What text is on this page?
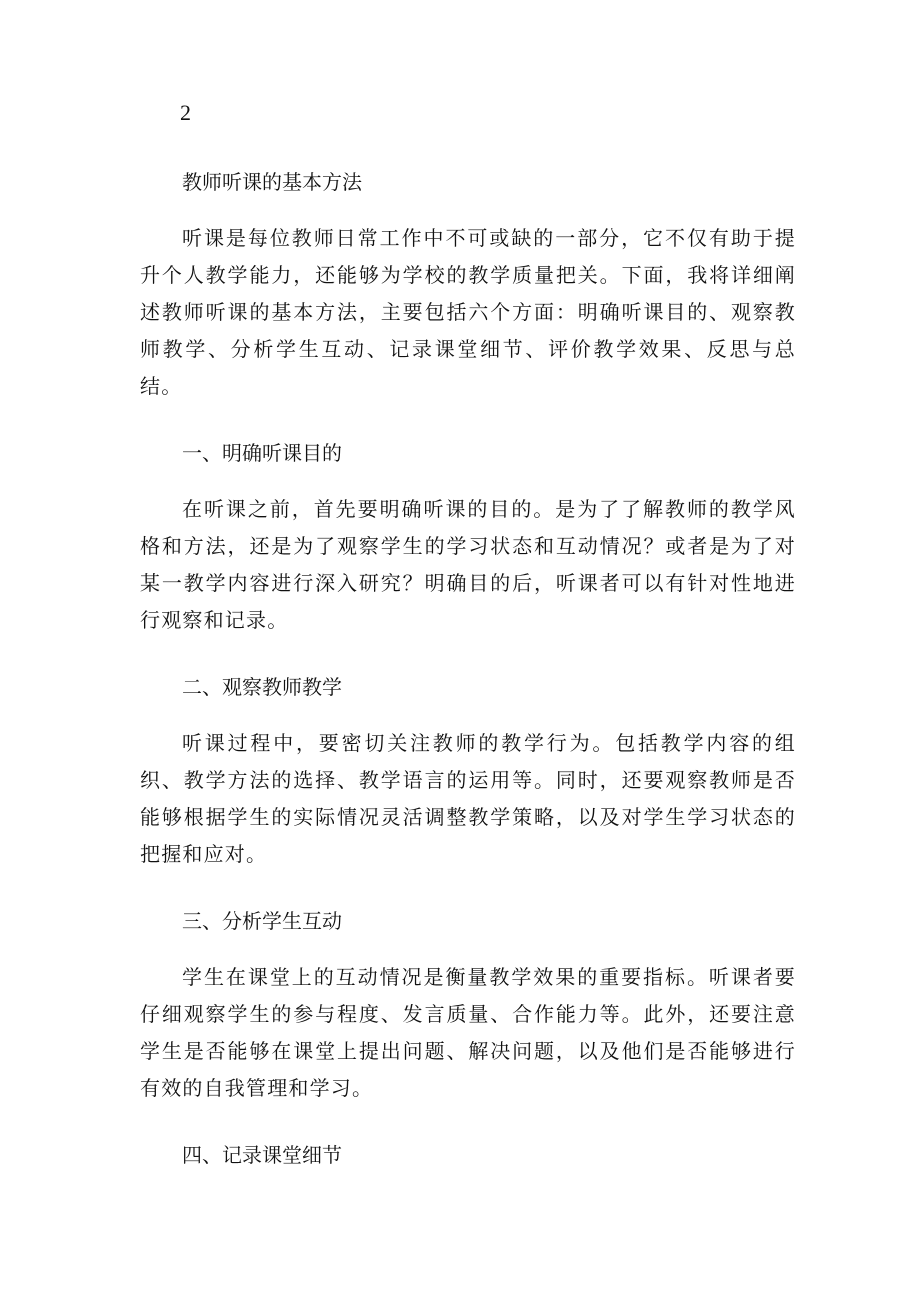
2
教师听课的基本方法

听课是每位教师日常工作中不可或缺的一部分，它不仅有助于提升个人教学能力，还能够为学校的教学质量把关。下面，我将详细阐述教师听课的基本方法，主要包括六个方面：明确听课目的、观察教师教学、分析学生互动、记录课堂细节、评价教学效果、反思与总结。

一、明确听课目的

在听课之前，首先要明确听课的目的。是为了了解教师的教学风格和方法，还是为了观察学生的学习状态和互动情况？或者是为了对某一教学内容进行深入研究？明确目的后，听课者可以有针对性地进行观察和记录。

二、观察教师教学

听课过程中，要密切关注教师的教学行为。包括教学内容的组织、教学方法的选择、教学语言的运用等。同时，还要观察教师是否能够根据学生的实际情况灵活调整教学策略，以及对学生学习状态的把握和应对。

三、分析学生互动

学生在课堂上的互动情况是衡量教学效果的重要指标。听课者要仔细观察学生的参与程度、发言质量、合作能力等。此外，还要注意学生是否能够在课堂上提出问题、解决问题，以及他们是否能够进行有效的自我管理和学习。

四、记录课堂细节
